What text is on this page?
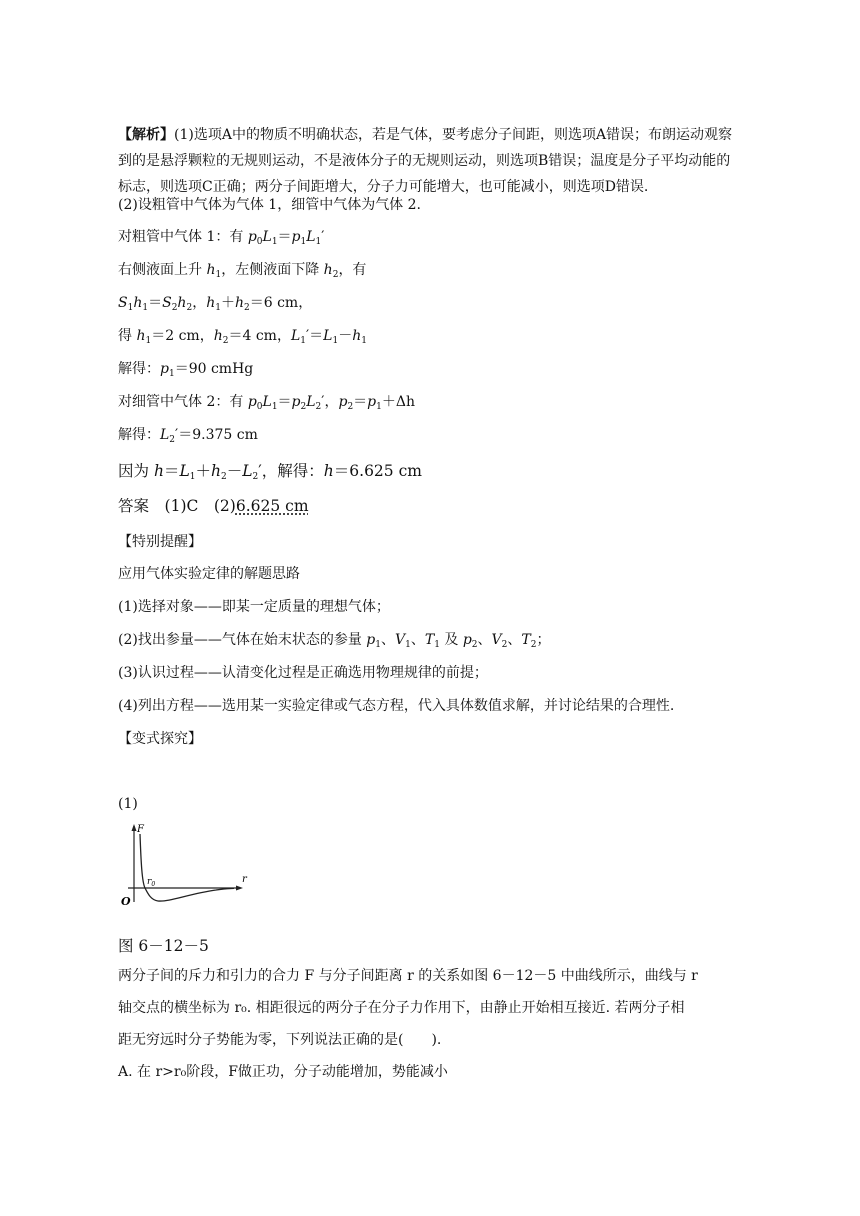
【解析】(1)选项A中的物质不明确状态，若是气体，要考虑分子间距，则选项A错误；布朗运动观察到的是悬浮颗粒的无规则运动，不是液体分子的无规则运动，则选项B错误；温度是分子平均动能的标志，则选项C正确；两分子间距增大，分子力可能增大，也可能减小，则选项D错误.
(2)设粗管中气体为气体 1，细管中气体为气体 2.
对粗管中气体 1：有 $p_0L_1=p_1L_1'$
右侧液面上升 $h_1$，左侧液面下降 $h_2$，有
$S_1h_1=S_2h_2$，$h_1+h_2=6$ cm，
得 $h_1=2$ cm，$h_2=4$ cm，$L_1'=L_1-h_1$
解得：$p_1=90$ cmHg
对细管中气体 2：有 $p_0L_1=p_2L_2'$，$p_2=p_1+\Delta h$
解得：$L_2'=9.375$ cm
因为 $h=L_1+h_2-L_2'$，解得：h＝6.625 cm
答案　 (1)C　 (2)6.625 cm
【特别提醒】
应用气体实验定律的解题思路
(1)选择对象——即某一定质量的理想气体；
(2)找出参量——气体在始末状态的参量 $p_1$、$V_1$、$T_1$ 及 $p_2$、$V_2$、$T_2$；
(3)认识过程——认清变化过程是正确选用物理规律的前提；
(4)列出方程——选用某一实验定律或气态方程，代入具体数值求解，并讨论结果的合理性.
【变式探究】
(1)
F
r
O
$r_0$
图 6－12－5
两分子间的斥力和引力的合力 F 与分子间距离 r 的关系如图 6－12－5 中曲线所示，曲线与 r
轴交点的横坐标为 r₀. 相距很远的两分子在分子力作用下，由静止开始相互接近. 若两分子相
距无穷远时分子势能为零，下列说法正确的是(　　).
A. 在 r>r₀阶段，F做正功，分子动能增加，势能减小
